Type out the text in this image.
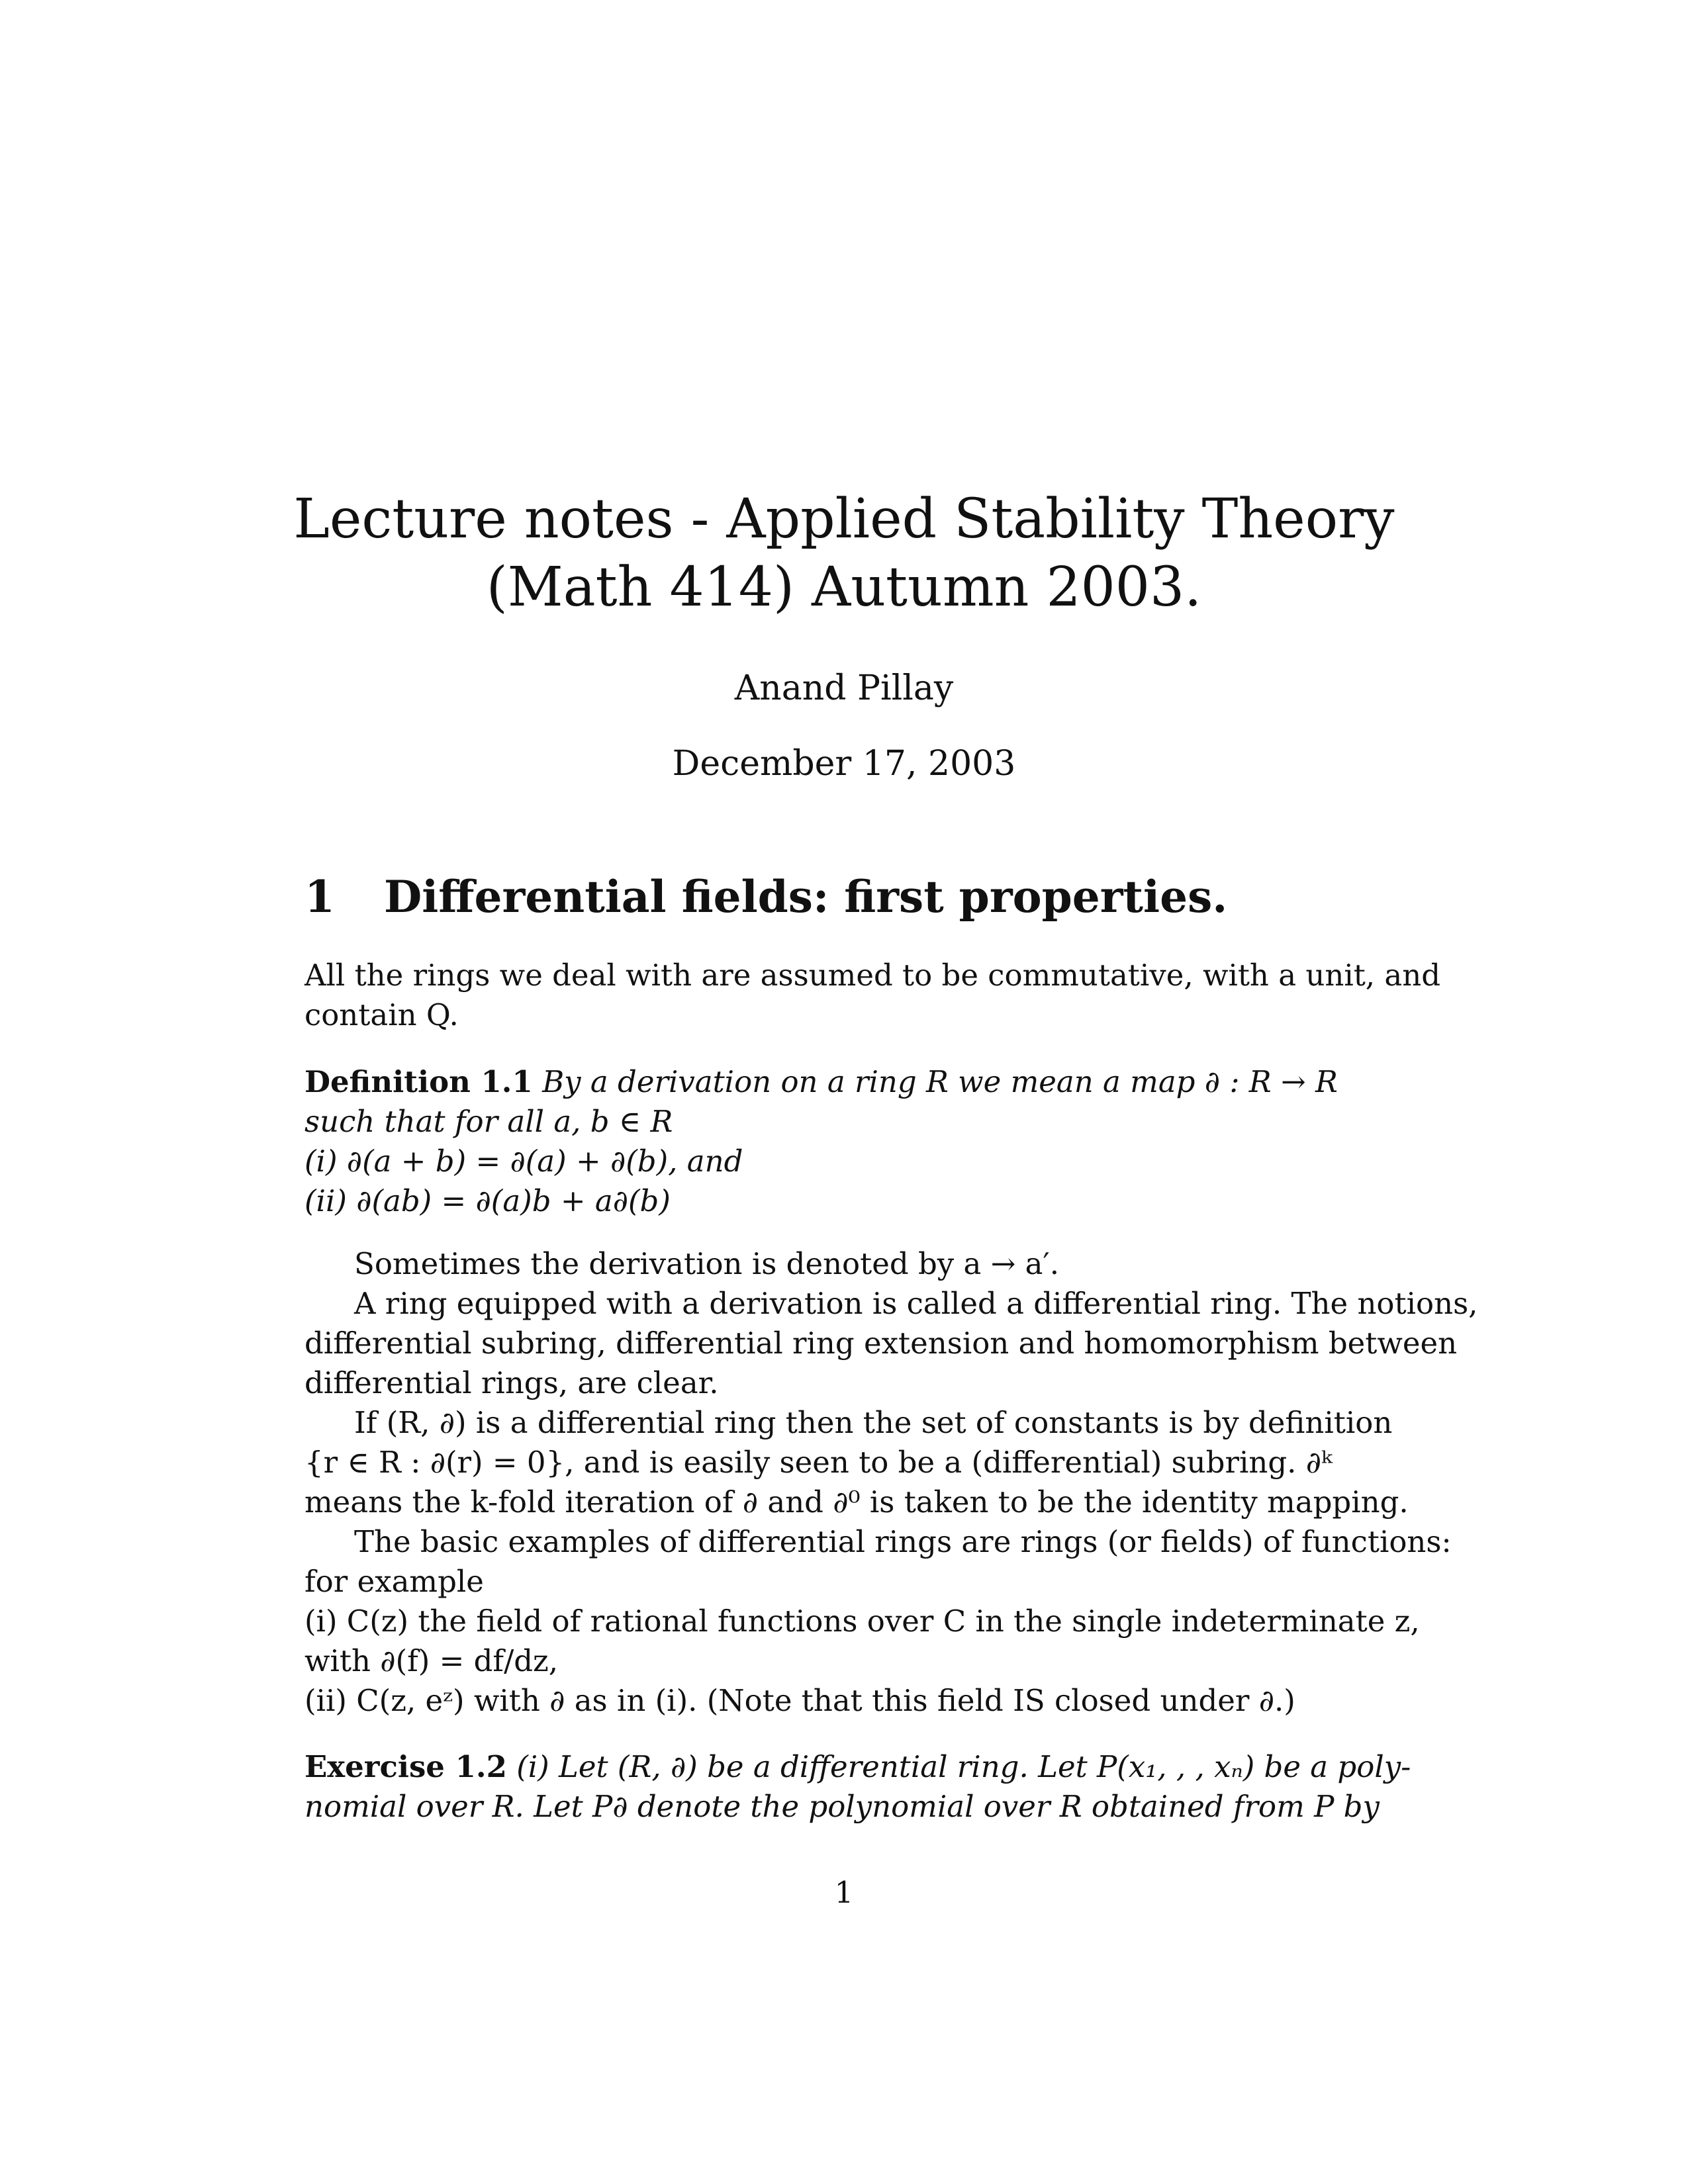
Lecture notes - Applied Stability Theory
(Math 414) Autumn 2003.
Anand Pillay
December 17, 2003
1 Differential fields: first properties.
All the rings we deal with are assumed to be commutative, with a unit, and
contain Q.
Definition 1.1 By a derivation on a ring R we mean a map ∂ : R → R
such that for all a, b ∈ R
(i) ∂(a + b) = ∂(a) + ∂(b), and
(ii) ∂(ab) = ∂(a)b + a∂(b)
Sometimes the derivation is denoted by a → a′.
A ring equipped with a derivation is called a differential ring. The notions,
differential subring, differential ring extension and homomorphism between
differential rings, are clear.
If (R, ∂) is a differential ring then the set of constants is by definition
{r ∈ R : ∂(r) = 0}, and is easily seen to be a (differential) subring. ∂ᵏ
means the k-fold iteration of ∂ and ∂⁰ is taken to be the identity mapping.
The basic examples of differential rings are rings (or fields) of functions:
for example
(i) C(z) the field of rational functions over C in the single indeterminate z,
with ∂(f) = df/dz,
(ii) C(z, eᶻ) with ∂ as in (i). (Note that this field IS closed under ∂.)
Exercise 1.2 (i) Let (R, ∂) be a differential ring. Let P(x₁, , , xₙ) be a poly-
nomial over R. Let P∂ denote the polynomial over R obtained from P by
1
